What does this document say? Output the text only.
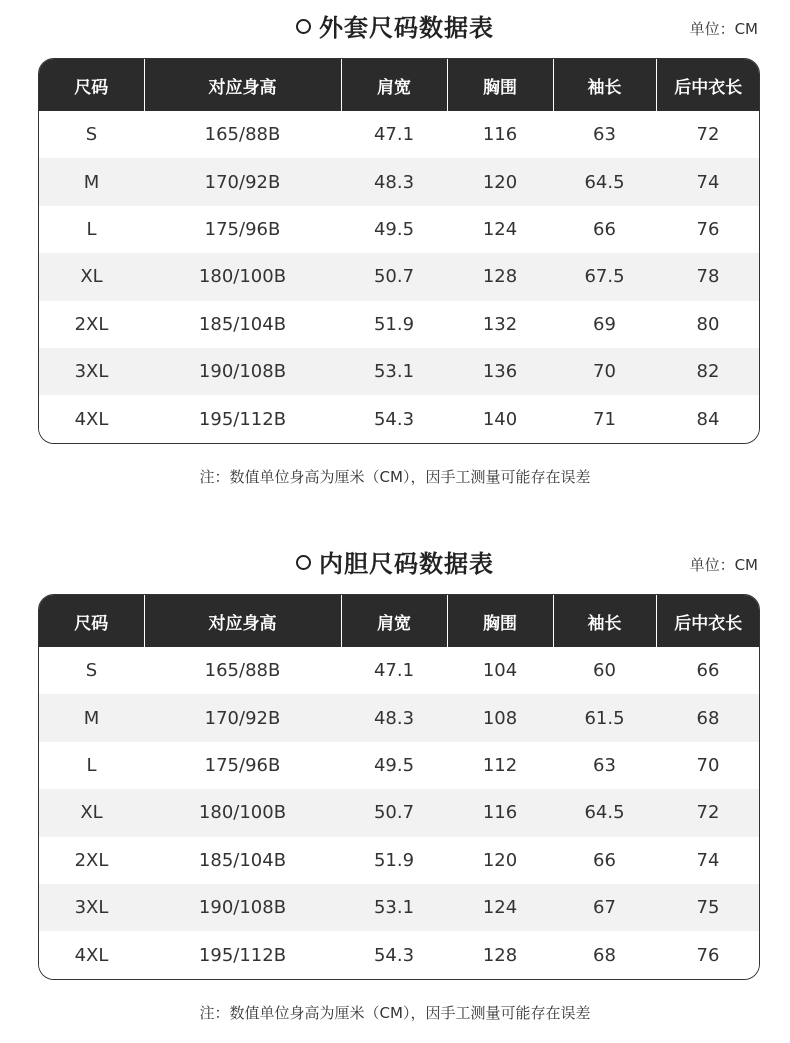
外套尺码数据表	单位：CM
尺码	对应身高	肩宽	胸围	袖长	后中衣长
S	165/88B	47.1	116	63	72
M	170/92B	48.3	120	64.5	74
L	175/96B	49.5	124	66	76
XL	180/100B	50.7	128	67.5	78
2XL	185/104B	51.9	132	69	80
3XL	190/108B	53.1	136	70	82
4XL	195/112B	54.3	140	71	84
注：数值单位身高为厘米（CM），因手工测量可能存在误差
内胆尺码数据表	单位：CM
尺码	对应身高	肩宽	胸围	袖长	后中衣长
S	165/88B	47.1	104	60	66
M	170/92B	48.3	108	61.5	68
L	175/96B	49.5	112	63	70
XL	180/100B	50.7	116	64.5	72
2XL	185/104B	51.9	120	66	74
3XL	190/108B	53.1	124	67	75
4XL	195/112B	54.3	128	68	76
注：数值单位身高为厘米（CM），因手工测量可能存在误差
